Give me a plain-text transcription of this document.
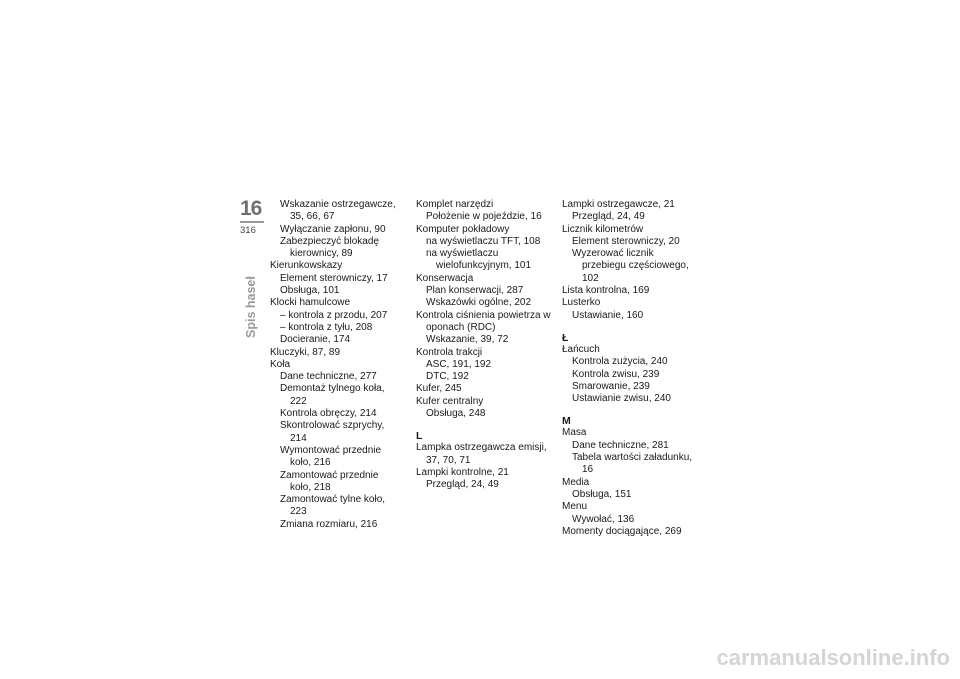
16
316
Spis haseł
Wskazanie ostrzegawcze, 35, 66, 67
Wyłączanie zapłonu, 90
Zabezpieczyć blokadę kierownicy, 89
Kierunkowskazy
Element sterowniczy, 17
Obsługa, 101
Klocki hamulcowe
– kontrola z przodu, 207
– kontrola z tyłu, 208
Docieranie, 174
Kluczyki, 87, 89
Koła
Dane techniczne, 277
Demontaż tylnego koła, 222
Kontrola obręczy, 214
Skontrolować szprychy, 214
Wymontować przednie koło, 216
Zamontować przednie koło, 218
Zamontować tylne koło, 223
Zmiana rozmiaru, 216
Komplet narzędzi
Położenie w pojeździe, 16
Komputer pokładowy
na wyświetlaczu TFT, 108
na wyświetlaczu wielofunkcyjnym, 101
Konserwacja
Plan konserwacji, 287
Wskazówki ogólne, 202
Kontrola ciśnienia powietrza w oponach (RDC)
Wskazanie, 39, 72
Kontrola trakcji
ASC, 191, 192
DTC, 192
Kufer, 245
Kufer centralny
Obsługa, 248
L
Lampka ostrzegawcza emisji, 37, 70, 71
Lampki kontrolne, 21
Przegląd, 24, 49
Lampki ostrzegawcze, 21
Przegląd, 24, 49
Licznik kilometrów
Element sterowniczy, 20
Wyzerować licznik przebiegu częściowego, 102
Lista kontrolna, 169
Lusterko
Ustawianie, 160
Ł
Łańcuch
Kontrola zużycia, 240
Kontrola zwisu, 239
Smarowanie, 239
Ustawianie zwisu, 240
M
Masa
Dane techniczne, 281
Tabela wartości załadunku, 16
Media
Obsługa, 151
Menu
Wywołać, 136
Momenty dociągające, 269
carmanualsonline.info
